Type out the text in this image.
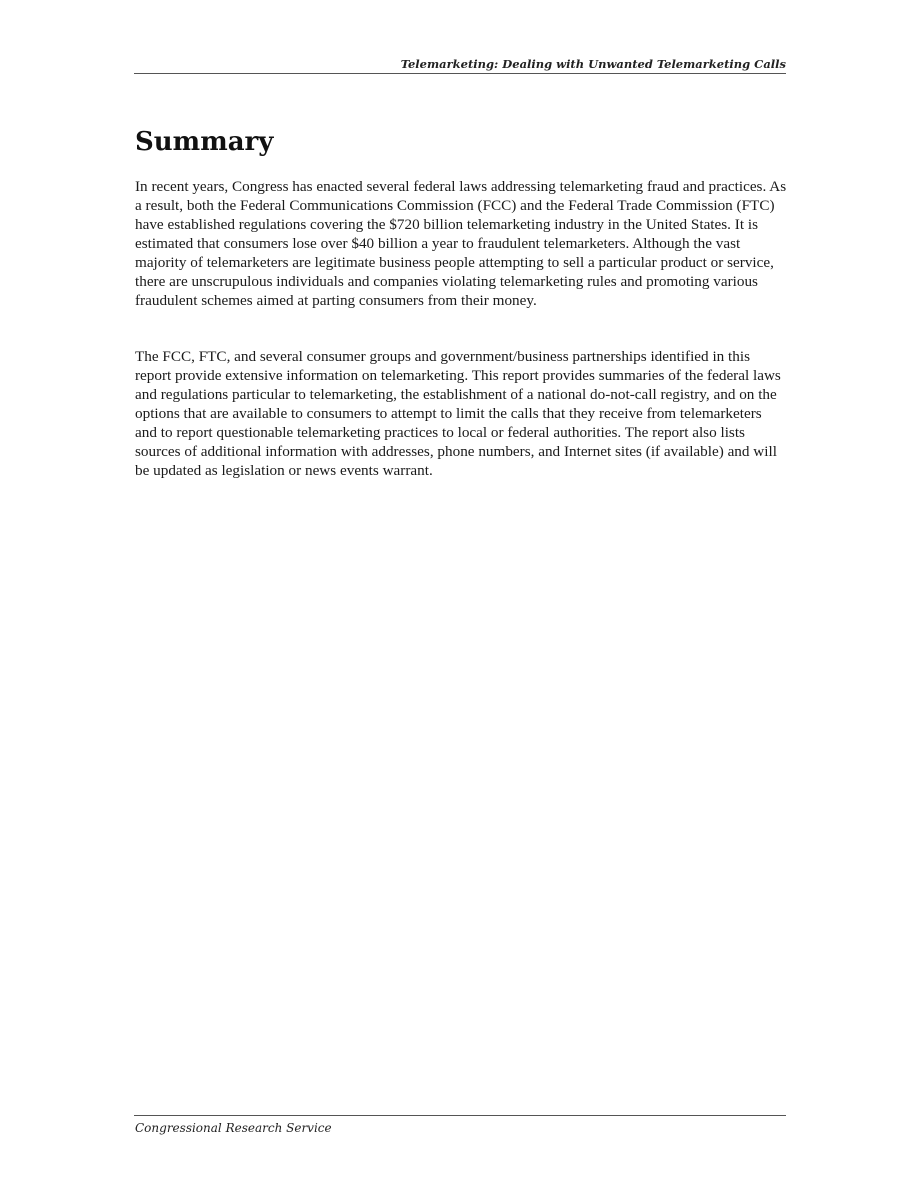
Telemarketing: Dealing with Unwanted Telemarketing Calls
Summary

In recent years, Congress has enacted several federal laws addressing telemarketing fraud and practices. As a result, both the Federal Communications Commission (FCC) and the Federal Trade Commission (FTC) have established regulations covering the $720 billion telemarketing industry in the United States. It is estimated that consumers lose over $40 billion a year to fraudulent telemarketers. Although the vast majority of telemarketers are legitimate business people attempting to sell a particular product or service, there are unscrupulous individuals and companies violating telemarketing rules and promoting various fraudulent schemes aimed at parting consumers from their money.

The FCC, FTC, and several consumer groups and government/business partnerships identified in this report provide extensive information on telemarketing. This report provides summaries of the federal laws and regulations particular to telemarketing, the establishment of a national do-not-call registry, and on the options that are available to consumers to attempt to limit the calls that they receive from telemarketers and to report questionable telemarketing practices to local or federal authorities. The report also lists sources of additional information with addresses, phone numbers, and Internet sites (if available) and will be updated as legislation or news events warrant.

Congressional Research Service
